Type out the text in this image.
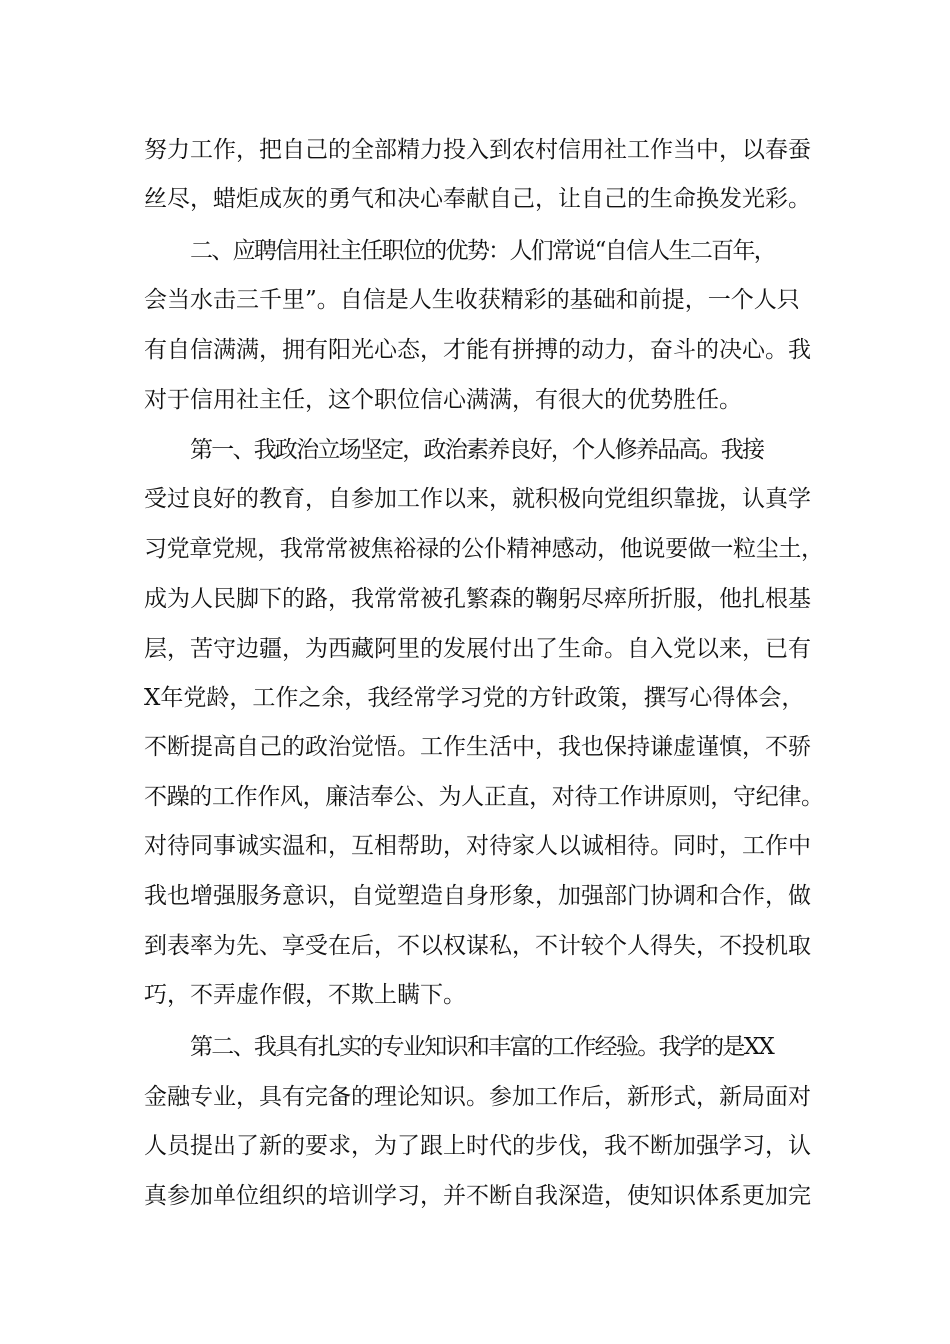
努力工作，把自己的全部精力投入到农村信用社工作当中，以春蚕
丝尽，蜡炬成灰的勇气和决心奉献自己，让自己的生命换发光彩。
二、应聘信用社主任职位的优势：人们常说“自信人生二百年，
会当水击三千里”。自信是人生收获精彩的基础和前提，一个人只
有自信满满，拥有阳光心态，才能有拼搏的动力，奋斗的决心。我
对于信用社主任，这个职位信心满满，有很大的优势胜任。
第一、我政治立场坚定，政治素养良好，个人修养品高。我接
受过良好的教育，自参加工作以来，就积极向党组织靠拢，认真学
习党章党规，我常常被焦裕禄的公仆精神感动，他说要做一粒尘土，
成为人民脚下的路，我常常被孔繁森的鞠躬尽瘁所折服，他扎根基
层，苦守边疆，为西藏阿里的发展付出了生命。自入党以来，已有
X年党龄，工作之余，我经常学习党的方针政策，撰写心得体会，
不断提高自己的政治觉悟。工作生活中，我也保持谦虚谨慎，不骄
不躁的工作作风，廉洁奉公、为人正直，对待工作讲原则，守纪律。
对待同事诚实温和，互相帮助，对待家人以诚相待。同时，工作中
我也增强服务意识，自觉塑造自身形象，加强部门协调和合作，做
到表率为先、享受在后，不以权谋私，不计较个人得失，不投机取
巧，不弄虚作假，不欺上瞒下。
第二、我具有扎实的专业知识和丰富的工作经验。我学的是XX
金融专业，具有完备的理论知识。参加工作后，新形式，新局面对
人员提出了新的要求，为了跟上时代的步伐，我不断加强学习，认
真参加单位组织的培训学习，并不断自我深造，使知识体系更加完
